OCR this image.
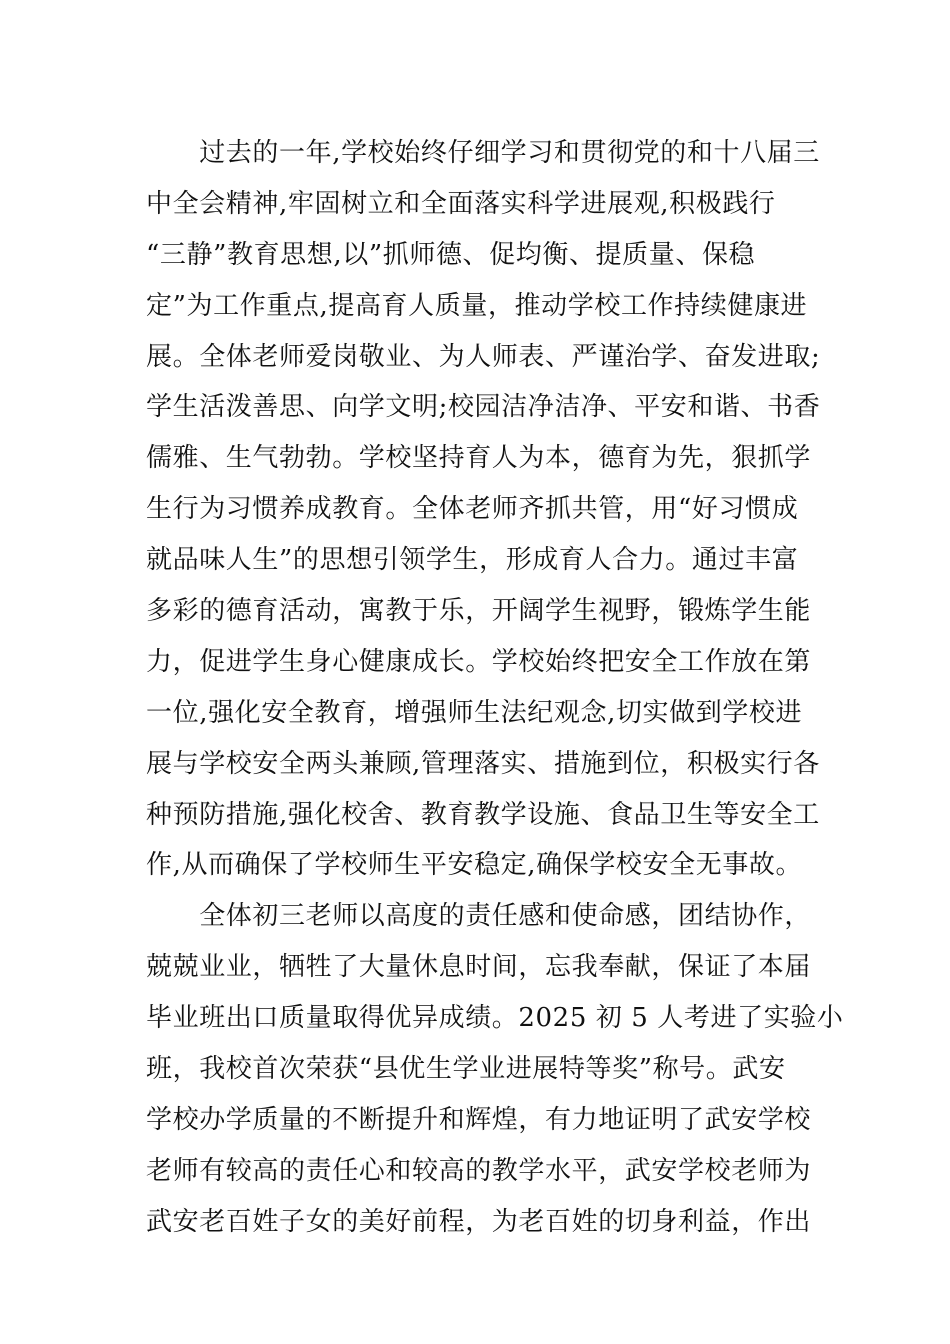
　　过去的一年,学校始终仔细学习和贯彻党的和十八届三
中全会精神,牢固树立和全面落实科学进展观,积极践行
“三静”教育思想,以”抓师德、促均衡、提质量、保稳
定”为工作重点,提高育人质量，推动学校工作持续健康进
展。全体老师爱岗敬业、为人师表、严谨治学、奋发进取;
学生活泼善思、向学文明;校园洁净洁净、平安和谐、书香
儒雅、生气勃勃。学校坚持育人为本，德育为先，狠抓学
生行为习惯养成教育。全体老师齐抓共管，用“好习惯成
就品味人生”的思想引领学生，形成育人合力。通过丰富
多彩的德育活动，寓教于乐，开阔学生视野，锻炼学生能
力，促进学生身心健康成长。学校始终把安全工作放在第
一位,强化安全教育，增强师生法纪观念,切实做到学校进
展与学校安全两头兼顾,管理落实、措施到位，积极实行各
种预防措施,强化校舍、教育教学设施、食品卫生等安全工
作,从而确保了学校师生平安稳定,确保学校安全无事故。
　　全体初三老师以高度的责任感和使命感，团结协作，
兢兢业业，牺牲了大量休息时间，忘我奉献，保证了本届
毕业班出口质量取得优异成绩。2025 初 5 人考进了实验小
班，我校首次荣获“县优生学业进展特等奖”称号。武安
学校办学质量的不断提升和辉煌，有力地证明了武安学校
老师有较高的责任心和较高的教学水平，武安学校老师为
武安老百姓子女的美好前程，为老百姓的切身利益，作出
